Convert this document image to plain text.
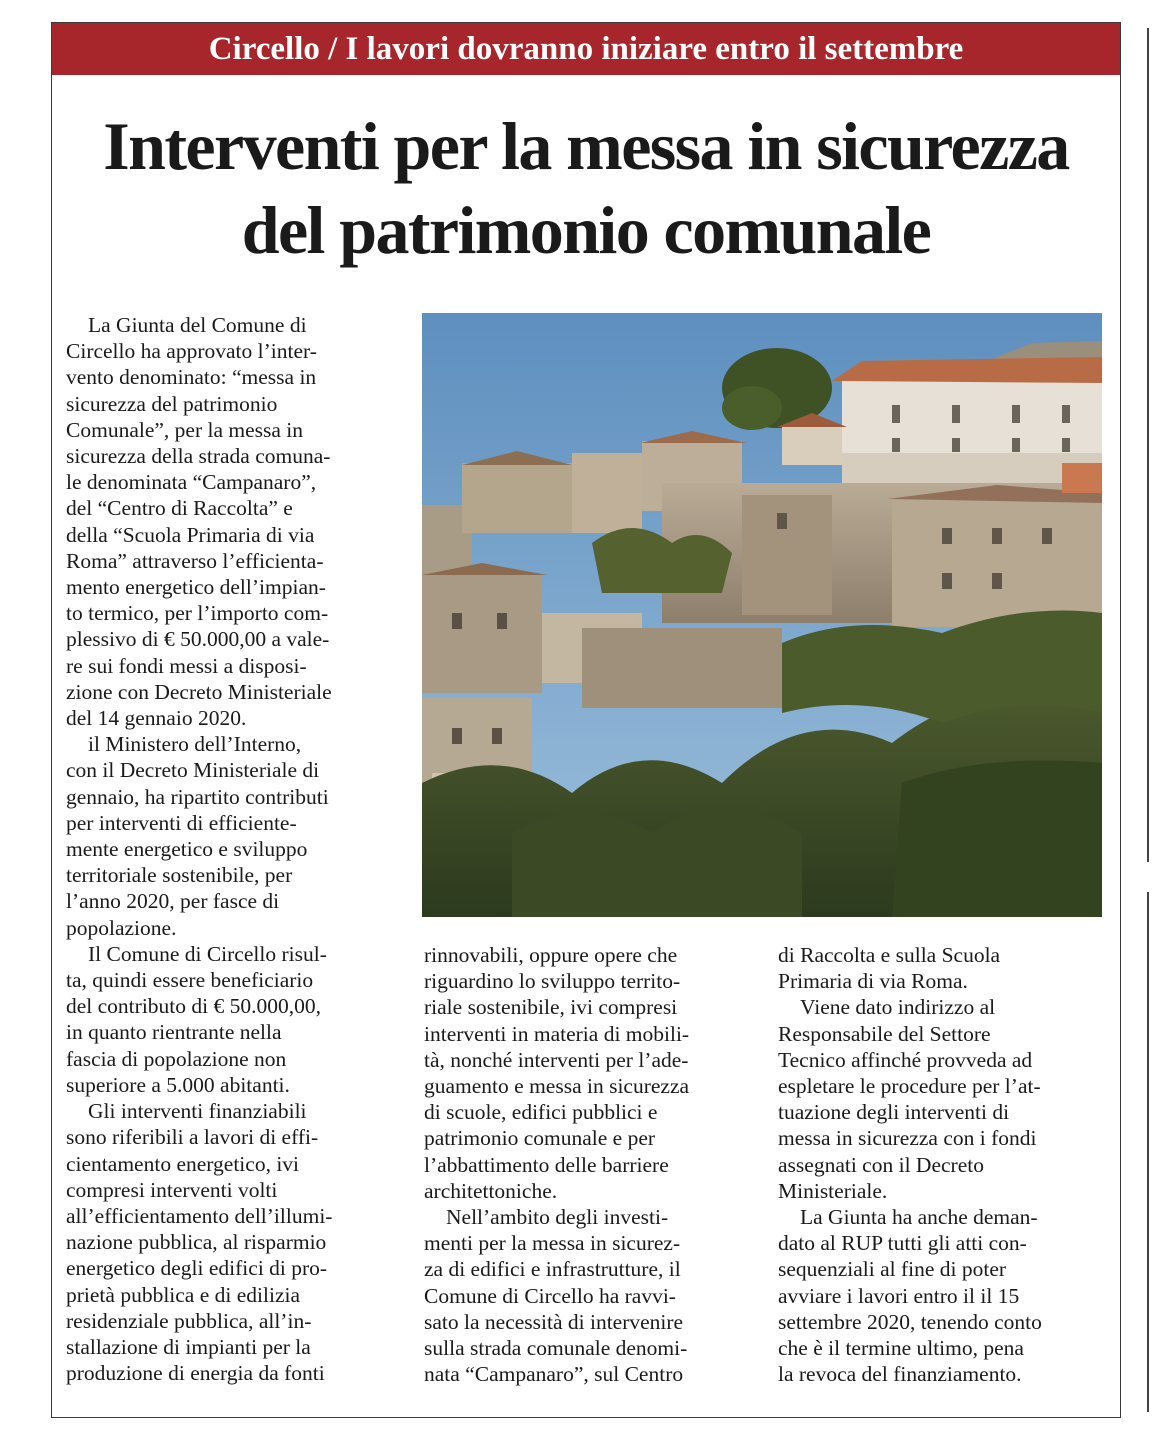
Circello / I lavori dovranno iniziare entro il settembre
Interventi per la messa in sicurezza
del patrimonio comunale
La Giunta del Comune di
Circello ha approvato l’inter-
vento denominato: “messa in
sicurezza del patrimonio
Comunale”, per la messa in
sicurezza della strada comuna-
le denominata “Campanaro”,
del “Centro di Raccolta” e
della “Scuola Primaria di via
Roma” attraverso l’efficienta-
mento energetico dell’impian-
to termico, per l’importo com-
plessivo di € 50.000,00 a vale-
re sui fondi messi a disposi-
zione con Decreto Ministeriale
del 14 gennaio 2020.
il Ministero dell’Interno,
con il Decreto Ministeriale di
gennaio, ha ripartito contributi
per interventi di efficiente-
mente energetico e sviluppo
territoriale sostenibile, per
l’anno 2020, per fasce di
popolazione.
Il Comune di Circello risul-
ta, quindi essere beneficiario
del contributo di € 50.000,00,
in quanto rientrante nella
fascia di popolazione non
superiore a 5.000 abitanti.
Gli interventi finanziabili
sono riferibili a lavori di effi-
cientamento energetico, ivi
compresi interventi volti
all’efficientamento dell’illumi-
nazione pubblica, al risparmio
energetico degli edifici di pro-
prietà pubblica e di edilizia
residenziale pubblica, all’in-
stallazione di impianti per la
produzione di energia da fonti
rinnovabili, oppure opere che
riguardino lo sviluppo territo-
riale sostenibile, ivi compresi
interventi in materia di mobili-
tà, nonché interventi per l’ade-
guamento e messa in sicurezza
di scuole, edifici pubblici e
patrimonio comunale e per
l’abbattimento delle barriere
architettoniche.
Nell’ambito degli investi-
menti per la messa in sicurez-
za di edifici e infrastrutture, il
Comune di Circello ha ravvi-
sato la necessità di intervenire
sulla strada comunale denomi-
nata “Campanaro”, sul Centro
di Raccolta e sulla Scuola
Primaria di via Roma.
Viene dato indirizzo al
Responsabile del Settore
Tecnico affinché provveda ad
espletare le procedure per l’at-
tuazione degli interventi di
messa in sicurezza con i fondi
assegnati con il Decreto
Ministeriale.
La Giunta ha anche deman-
dato al RUP tutti gli atti con-
sequenziali al fine di poter
avviare i lavori entro il il 15
settembre 2020, tenendo conto
che è il termine ultimo, pena
la revoca del finanziamento.
